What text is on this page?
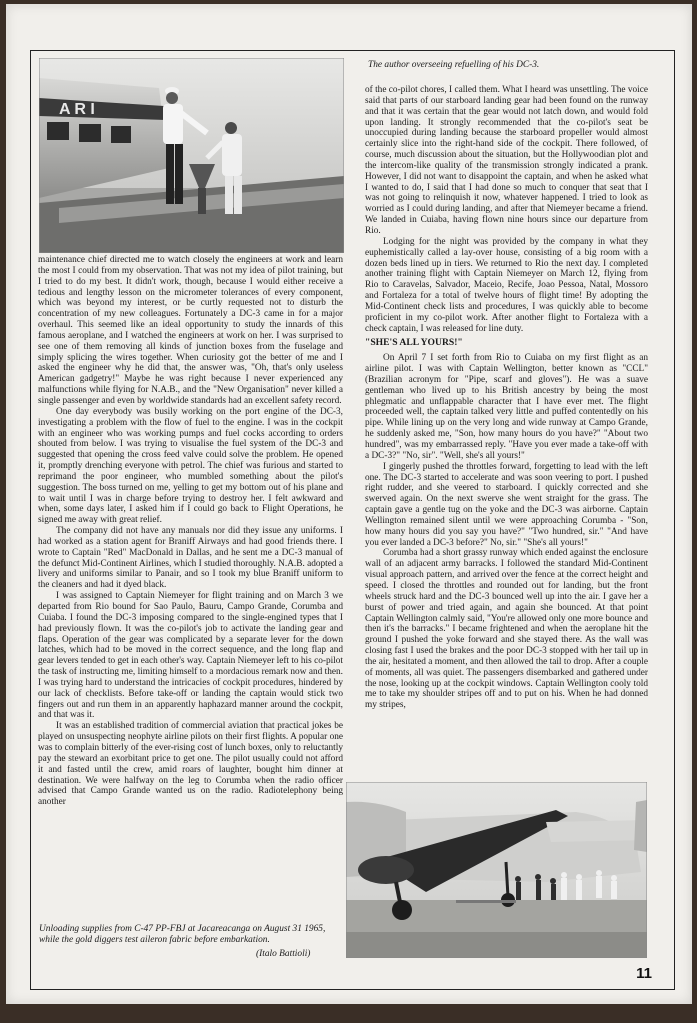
A R I
The author overseeing refuelling of his DC-3.

maintenance chief directed me to watch closely the engineers at work and learn the most I could from my observation. That was not my idea of pilot training, but I tried to do my best. It didn't work, though, because I would either receive a tedious and lengthy lesson on the micrometer tolerances of every component, which was beyond my interest, or be curtly requested not to disturb the concentration of my new colleagues. Fortunately a DC-3 came in for a major overhaul. This seemed like an ideal opportunity to study the innards of this famous aeroplane, and I watched the engineers at work on her. I was surprised to see one of them removing all kinds of junction boxes from the fuselage and simply splicing the wires together. When curiosity got the better of me and I asked the engineer why he did that, the answer was, "Oh, that's only useless American gadgetry!" Maybe he was right because I never experienced any malfunctions while flying for N.A.B., and the "New Organisation" never killed a single passenger and even by worldwide standards had an excellent safety record.

One day everybody was busily working on the port engine of the DC-3, investigating a problem with the flow of fuel to the engine. I was in the cockpit with an engineer who was working pumps and fuel cocks according to orders shouted from below. I was trying to visualise the fuel system of the DC-3 and suggested that opening the cross feed valve could solve the problem. He opened it, promptly drenching everyone with petrol. The chief was furious and started to reprimand the poor engineer, who mumbled something about the pilot's suggestion. The boss turned on me, yelling to get my bottom out of his plane and to wait until I was in charge before trying to destroy her. I felt awkward and when, some days later, I asked him if I could go back to Flight Operations, he signed me away with great relief.

The company did not have any manuals nor did they issue any uniforms. I had worked as a station agent for Braniff Airways and had good friends there. I wrote to Captain "Red" MacDonald in Dallas, and he sent me a DC-3 manual of the defunct Mid-Continent Airlines, which I studied thoroughly. N.A.B. adopted a livery and uniforms similar to Panair, and so I took my blue Braniff uniform to the cleaners and had it dyed black.

I was assigned to Captain Niemeyer for flight training and on March 3 we departed from Rio bound for Sao Paulo, Bauru, Campo Grande, Corumba and Cuiaba. I found the DC-3 imposing compared to the single-engined types that I had previously flown. It was the co-pilot's job to activate the landing gear and flaps. Operation of the gear was complicated by a separate lever for the down latches, which had to be moved in the correct sequence, and the long flap and gear levers tended to get in each other's way. Captain Niemeyer left to his co-pilot the task of instructing me, limiting himself to a mordacious remark now and then. I was trying hard to understand the intricacies of cockpit procedures, hindered by our lack of checklists. Before take-off or landing the captain would stick two fingers out and run them in an apparently haphazard manner around the cockpit, and that was it.

It was an established tradition of commercial aviation that practical jokes be played on unsuspecting neophyte airline pilots on their first flights. A popular one was to complain bitterly of the ever-rising cost of lunch boxes, only to reluctantly pay the steward an exorbitant price to get one. The pilot usually could not afford it and fasted until the crew, amid roars of laughter, bought him dinner at destination. We were halfway on the leg to Corumba when the radio officer advised that Campo Grande wanted us on the radio. Radiotelephony being another

Unloading supplies from C-47 PP-FBJ at Jacareacanga on August 31 1965, while the gold diggers test aileron fabric before embarkation.
(Italo Battioli)

of the co-pilot chores, I called them. What I heard was unsettling. The voice said that parts of our starboard landing gear had been found on the runway and that it was certain that the gear would not latch down, and would fold upon landing. It strongly recommended that the co-pilot's seat be unoccupied during landing because the starboard propeller would almost certainly slice into the right-hand side of the cockpit. There followed, of course, much discussion about the situation, but the Hollywoodian plot and the intercom-like quality of the transmission strongly indicated a prank. However, I did not want to disappoint the captain, and when he asked what I wanted to do, I said that I had done so much to conquer that seat that I was not going to relinquish it now, whatever happened. I tried to look as worried as I could during landing, and after that Niemeyer became a friend. We landed in Cuiaba, having flown nine hours since our departure from Rio.

Lodging for the night was provided by the company in what they euphemistically called a lay-over house, consisting of a big room with a dozen beds lined up in tiers. We returned to Rio the next day. I completed another training flight with Captain Niemeyer on March 12, flying from Rio to Caravelas, Salvador, Maceio, Recife, Joao Pessoa, Natal, Mossoro and Fortaleza for a total of twelve hours of flight time! By adopting the Mid-Continent check lists and procedures, I was quickly able to become proficient in my co-pilot work. After another flight to Fortaleza with a check captain, I was released for line duty.

"SHE'S ALL YOURS!"

On April 7 I set forth from Rio to Cuiaba on my first flight as an airline pilot. I was with Captain Wellington, better known as "CCL" (Brazilian acronym for "Pipe, scarf and gloves"). He was a suave gentleman who lived up to his British ancestry by being the most phlegmatic and unflappable character that I have ever met. The flight proceeded well, the captain talked very little and puffed contentedly on his pipe. While lining up on the very long and wide runway at Campo Grande, he suddenly asked me, "Son, how many hours do you have?" "About two hundred", was my embarrassed reply. "Have you ever made a take-off with a DC-3?" "No, sir". "Well, she's all yours!"

I gingerly pushed the throttles forward, forgetting to lead with the left one. The DC-3 started to accelerate and was soon veering to port. I pushed right rudder, and she veered to starboard. I quickly corrected and she swerved again. On the next swerve she went straight for the grass. The captain gave a gentle tug on the yoke and the DC-3 was airborne. Captain Wellington remained silent until we were approaching Corumba - "Son, how many hours did you say you have?" "Two hundred, sir." "And have you ever landed a DC-3 before?" No, sir." "She's all yours!"

Corumba had a short grassy runway which ended against the enclosure wall of an adjacent army barracks. I followed the standard Mid-Continent visual approach pattern, and arrived over the fence at the correct height and speed. I closed the throttles and rounded out for landing, but the front wheels struck hard and the DC-3 bounced well up into the air. I gave her a burst of power and tried again, and again she bounced. At that point Captain Wellington calmly said, "You're allowed only one more bounce and then it's the barracks." I became frightened and when the aeroplane hit the ground I pushed the yoke forward and she stayed there. As the wall was closing fast I used the brakes and the poor DC-3 stopped with her tail up in the air, hesitated a moment, and then allowed the tail to drop. After a couple of moments, all was quiet. The passengers disembarked and gathered under the nose, looking up at the cockpit windows. Captain Wellington cooly told me to take my shoulder stripes off and to put on his. When he had donned my stripes,

11
